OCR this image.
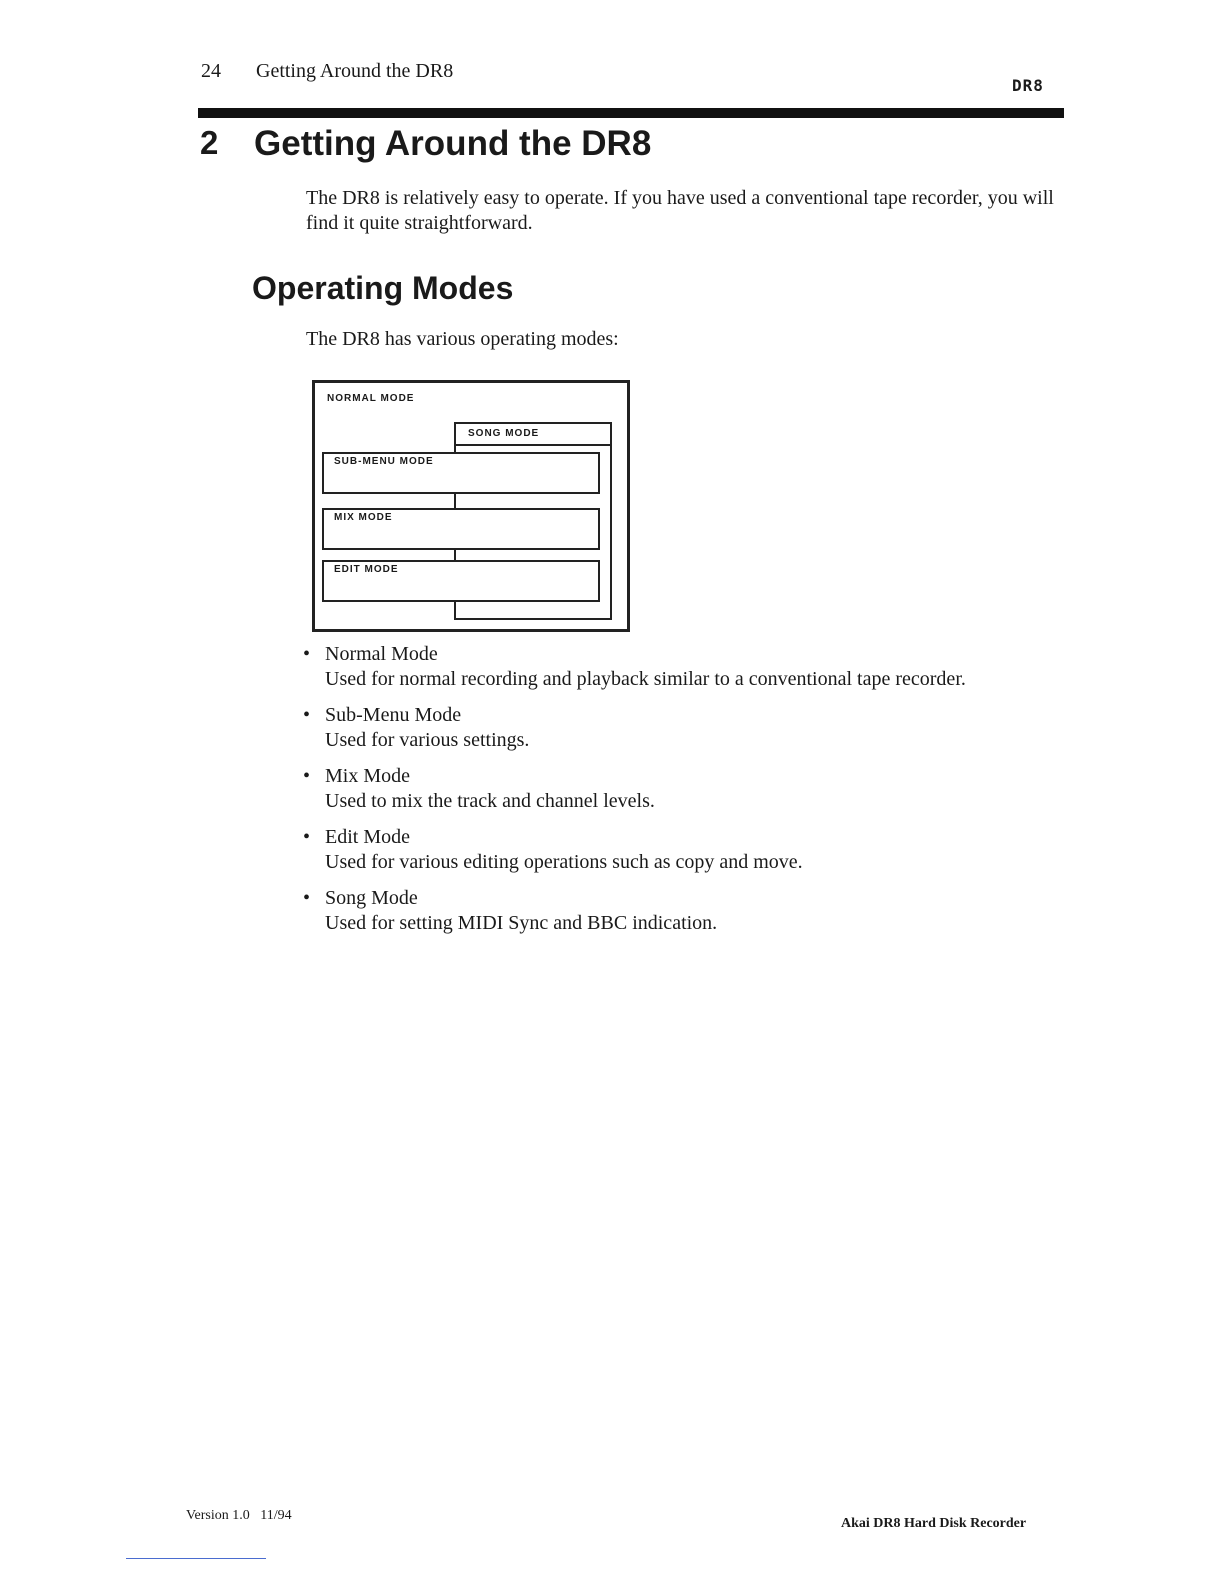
24 Getting Around the DR8
DR8
2 Getting Around the DR8
The DR8 is relatively easy to operate. If you have used a conventional tape recorder, you will find it quite straightforward.
Operating Modes
The DR8 has various operating modes:
NORMAL MODE
SONG MODE
SUB-MENU MODE
MIX MODE
EDIT MODE
• Normal Mode
Used for normal recording and playback similar to a conventional tape recorder.
• Sub-Menu Mode
Used for various settings.
• Mix Mode
Used to mix the track and channel levels.
• Edit Mode
Used for various editing operations such as copy and move.
• Song Mode
Used for setting MIDI Sync and BBC indication.
Version 1.0   11/94
Akai DR8 Hard Disk Recorder
